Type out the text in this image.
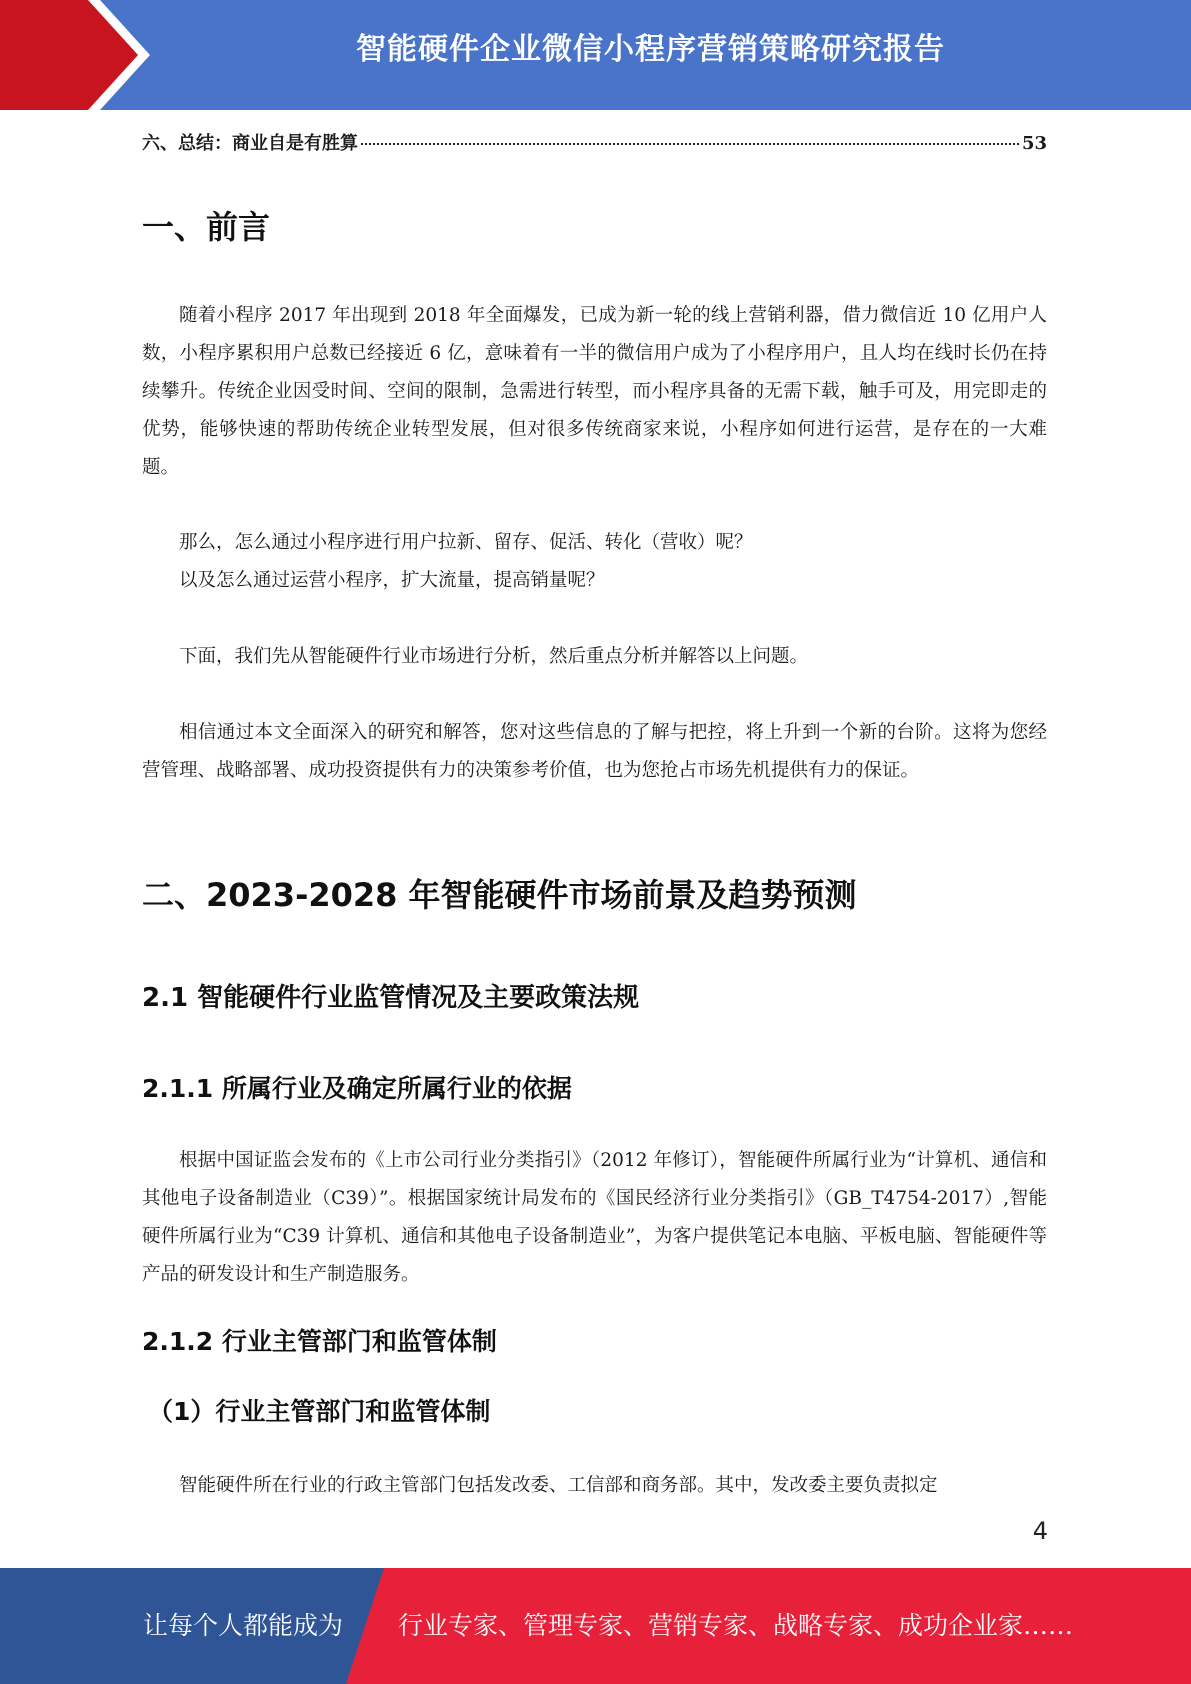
智能硬件企业微信小程序营销策略研究报告
六、总结：商业自是有胜算	53
一、前言

随着小程序 2017 年出现到 2018 年全面爆发，已成为新一轮的线上营销利器，借力微信近 10 亿用户人数，小程序累积用户总数已经接近 6 亿，意味着有一半的微信用户成为了小程序用户，且人均在线时长仍在持续攀升。传统企业因受时间、空间的限制，急需进行转型，而小程序具备的无需下载，触手可及，用完即走的优势，能够快速的帮助传统企业转型发展，但对很多传统商家来说，小程序如何进行运营，是存在的一大难题。

那么，怎么通过小程序进行用户拉新、留存、促活、转化（营收）呢？

以及怎么通过运营小程序，扩大流量，提高销量呢？

下面，我们先从智能硬件行业市场进行分析，然后重点分析并解答以上问题。

相信通过本文全面深入的研究和解答，您对这些信息的了解与把控，将上升到一个新的台阶。这将为您经营管理、战略部署、成功投资提供有力的决策参考价值，也为您抢占市场先机提供有力的保证。

二、2023-2028 年智能硬件市场前景及趋势预测
2.1 智能硬件行业监管情况及主要政策法规
2.1.1 所属行业及确定所属行业的依据

根据中国证监会发布的《上市公司行业分类指引》（2012 年修订），智能硬件所属行业为“计算机、通信和其他电子设备制造业（C39）”。根据国家统计局发布的《国民经济行业分类指引》（GB_T4754-2017）,智能硬件所属行业为“C39 计算机、通信和其他电子设备制造业”，为客户提供笔记本电脑、平板电脑、智能硬件等产品的研发设计和生产制造服务。

2.1.2 行业主管部门和监管体制
（1）行业主管部门和监管体制

智能硬件所在行业的行政主管部门包括发改委、工信部和商务部。其中，发改委主要负责拟定

4
让每个人都能成为 行业专家、管理专家、营销专家、战略专家、成功企业家……
